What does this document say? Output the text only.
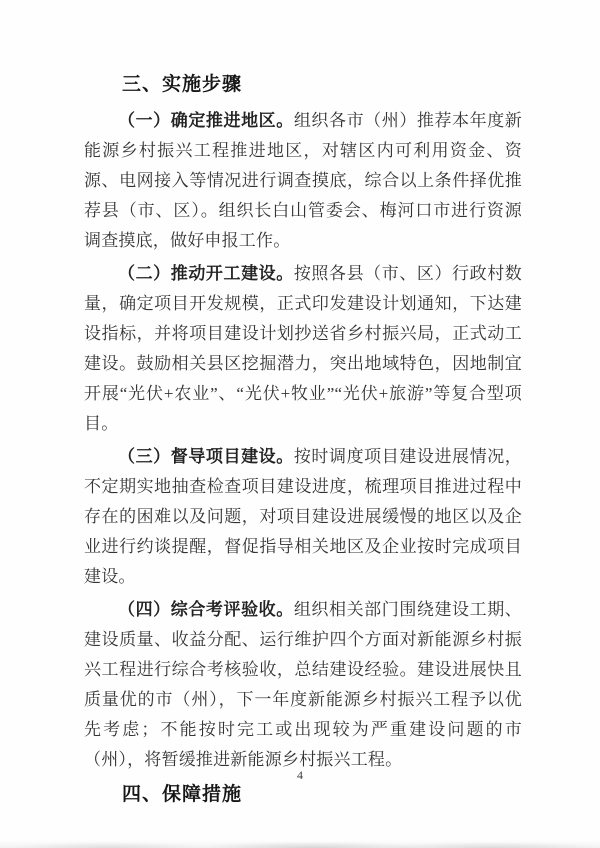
三、实施步骤

（一）确定推进地区。组织各市（州）推荐本年度新能源乡村振兴工程推进地区，对辖区内可利用资金、资源、电网接入等情况进行调查摸底，综合以上条件择优推荐县（市、区）。组织长白山管委会、梅河口市进行资源调查摸底，做好申报工作。

（二）推动开工建设。按照各县（市、区）行政村数量，确定项目开发规模，正式印发建设计划通知，下达建设指标，并将项目建设计划抄送省乡村振兴局，正式动工建设。鼓励相关县区挖掘潜力，突出地域特色，因地制宜开展“光伏+农业”、“光伏+牧业”“光伏+旅游”等复合型项目。

（三）督导项目建设。按时调度项目建设进展情况，不定期实地抽查检查项目建设进度，梳理项目推进过程中存在的困难以及问题，对项目建设进展缓慢的地区以及企业进行约谈提醒，督促指导相关地区及企业按时完成项目建设。

（四）综合考评验收。组织相关部门围绕建设工期、建设质量、收益分配、运行维护四个方面对新能源乡村振兴工程进行综合考核验收，总结建设经验。建设进展快且质量优的市（州），下一年度新能源乡村振兴工程予以优先考虑；不能按时完工或出现较为严重建设问题的市（州），将暂缓推进新能源乡村振兴工程。

四、保障措施
4
